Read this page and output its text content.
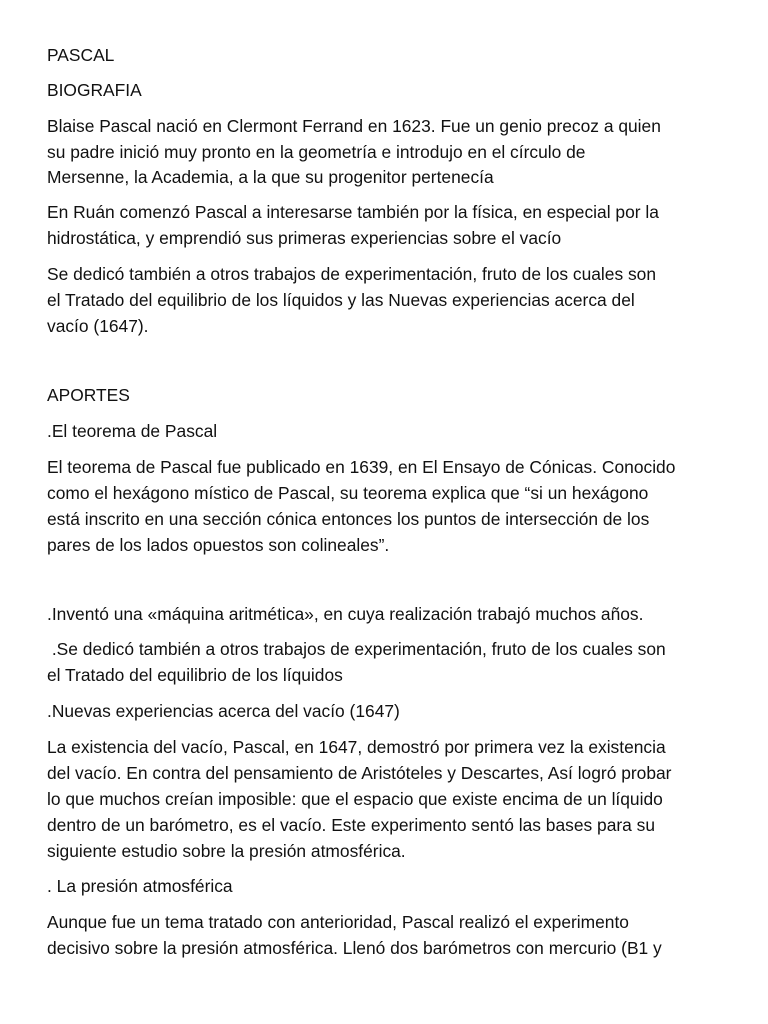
PASCAL
BIOGRAFIA
Blaise Pascal nació en Clermont Ferrand en 1623. Fue un genio precoz a quien
su padre inició muy pronto en la geometría e introdujo en el círculo de
Mersenne, la Academia, a la que su progenitor pertenecía
En Ruán comenzó Pascal a interesarse también por la física, en especial por la
hidrostática, y emprendió sus primeras experiencias sobre el vacío
Se dedicó también a otros trabajos de experimentación, fruto de los cuales son
el Tratado del equilibrio de los líquidos y las Nuevas experiencias acerca del
vacío (1647).
APORTES
.El teorema de Pascal
El teorema de Pascal fue publicado en 1639, en El Ensayo de Cónicas. Conocido
como el hexágono místico de Pascal, su teorema explica que “si un hexágono
está inscrito en una sección cónica entonces los puntos de intersección de los
pares de los lados opuestos son colineales”.
.Inventó una «máquina aritmética», en cuya realización trabajó muchos años.
.Se dedicó también a otros trabajos de experimentación, fruto de los cuales son
el Tratado del equilibrio de los líquidos
.Nuevas experiencias acerca del vacío (1647)
La existencia del vacío, Pascal, en 1647, demostró por primera vez la existencia
del vacío. En contra del pensamiento de Aristóteles y Descartes, Así logró probar
lo que muchos creían imposible: que el espacio que existe encima de un líquido
dentro de un barómetro, es el vacío. Este experimento sentó las bases para su
siguiente estudio sobre la presión atmosférica.
. La presión atmosférica
Aunque fue un tema tratado con anterioridad, Pascal realizó el experimento
decisivo sobre la presión atmosférica. Llenó dos barómetros con mercurio (B1 y
